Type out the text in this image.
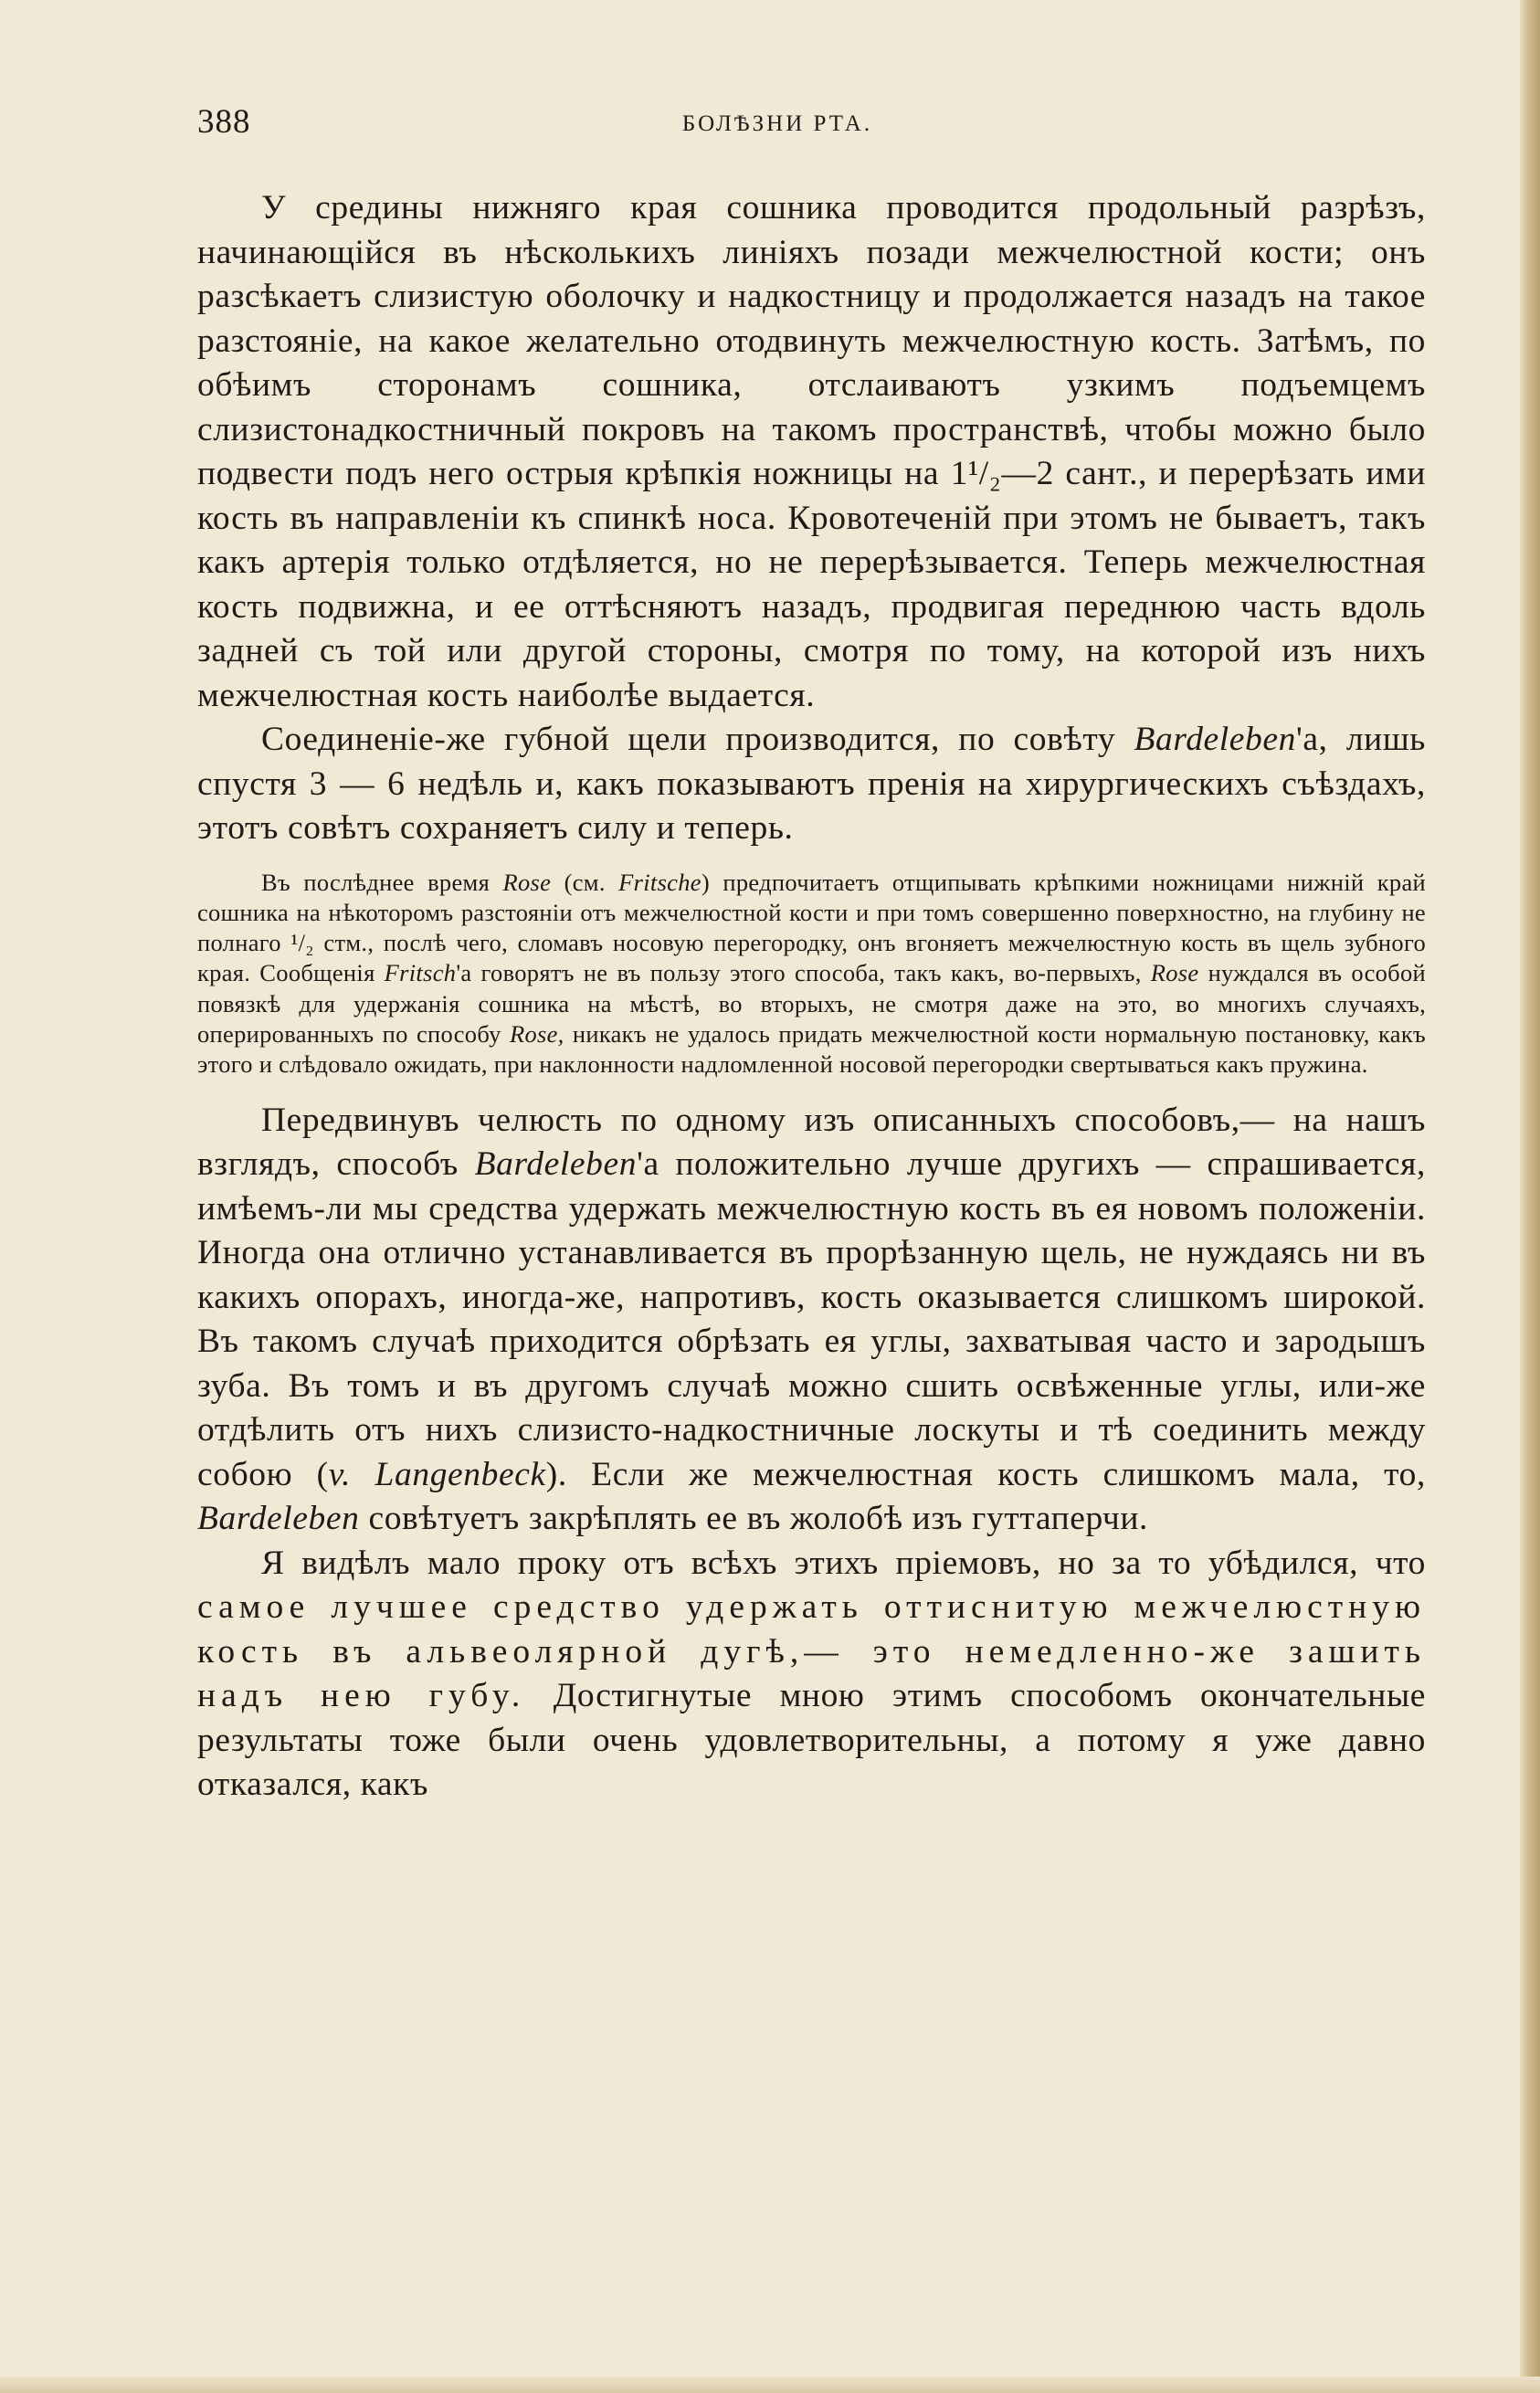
388	БОЛѢЗНИ РТА.

У средины нижняго края сошника проводится продольный разрѣзъ, начинающійся въ нѣсколькихъ линіяхъ позади межчелюстной кости; онъ разсѣкаетъ слизистую оболочку и надкостницу и продолжается назадъ на такое разстояніе, на какое желательно отодвинуть межчелюстную кость. Затѣмъ, по обѣимъ сторонамъ сошника, отслаиваютъ узкимъ подъемцемъ слизистонадкостничный покровъ на такомъ пространствѣ, чтобы можно было подвести подъ него острыя крѣпкія ножницы на 1¹/₂—2 сант., и перерѣзать ими кость въ направленіи къ спинкѣ носа. Кровотеченій при этомъ не бываетъ, такъ какъ артерія только отдѣляется, но не перерѣзывается. Теперь межчелюстная кость подвижна, и ее оттѣсняютъ назадъ, продвигая переднюю часть вдоль задней съ той или другой стороны, смотря по тому, на которой изъ нихъ межчелюстная кость наиболѣе выдается.

Соединеніе-же губной щели производится, по совѣту Bardeleben'а, лишь спустя 3 — 6 недѣль и, какъ показываютъ пренія на хирургическихъ съѣздахъ, этотъ совѣтъ сохраняетъ силу и теперь.

Въ послѣднее время Rose (см. Fritsche) предпочитаетъ отщипывать крѣпкими ножницами нижній край сошника на нѣкоторомъ разстояніи отъ межчелюстной кости и при томъ совершенно поверхностно, на глубину не полнаго ¹/₂ стм., послѣ чего, сломавъ носовую перегородку, онъ вгоняетъ межчелюстную кость въ щель зубного края. Сообщенія Fritsch'а говорятъ не въ пользу этого способа, такъ какъ, во-первыхъ, Rose нуждался въ особой повязкѣ для удержанія сошника на мѣстѣ, во вторыхъ, не смотря даже на это, во многихъ случаяхъ, оперированныхъ по способу Rose, никакъ не удалось придать межчелюстной кости нормальную постановку, какъ этого и слѣдовало ожидать, при наклонности надломленной носовой перегородки свертываться какъ пружина.

Передвинувъ челюсть по одному изъ описанныхъ способовъ,— на нашъ взглядъ, способъ Bardeleben'а положительно лучше другихъ — спрашивается, имѣемъ-ли мы средства удержать межчелюстную кость въ ея новомъ положеніи. Иногда она отлично устанавливается въ прорѣзанную щель, не нуждаясь ни въ какихъ опорахъ, иногда-же, напротивъ, кость оказывается слишкомъ широкой. Въ такомъ случаѣ приходится обрѣзать ея углы, захватывая часто и зародышъ зуба. Въ томъ и въ другомъ случаѣ можно сшить освѣженные углы, или-же отдѣлить отъ нихъ слизисто-надкостничные лоскуты и тѣ соединить между собою (v. Langenbeck). Если же межчелюстная кость слишкомъ мала, то, Bardeleben совѣтуетъ закрѣплять ее въ жолобѣ изъ гуттаперчи.

Я видѣлъ мало проку отъ всѣхъ этихъ пріемовъ, но за то убѣдился, что самое лучшее средство удержать оттиснитую межчелюстную кость въ альвеолярной дугѣ,— это немедленно-же зашить надъ нею губу. Достигнутые мною этимъ способомъ окончательные результаты тоже были очень удовлетворительны, а потому я уже давно отказался, какъ
